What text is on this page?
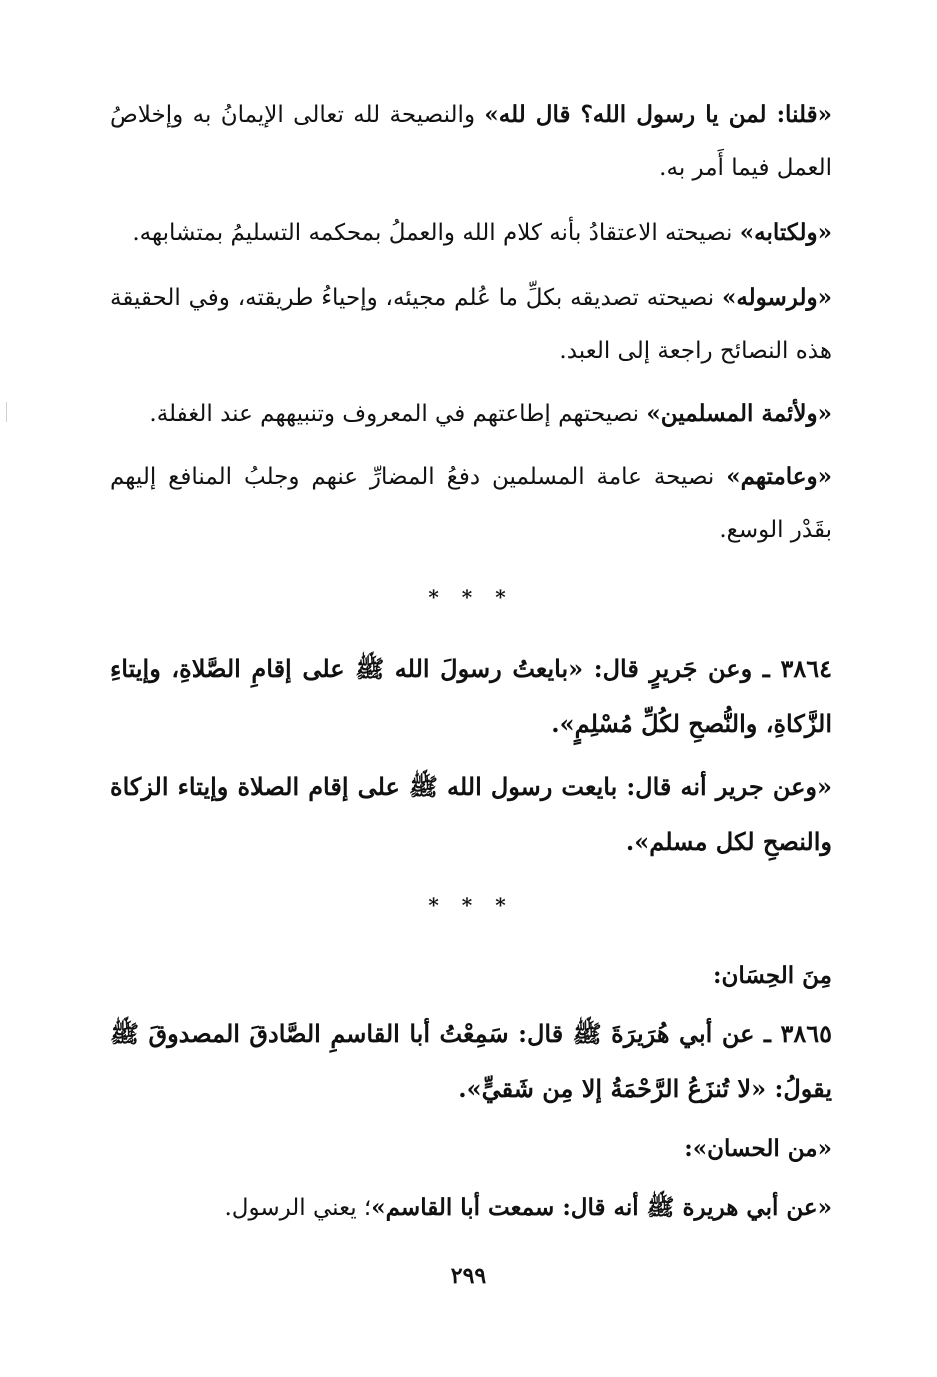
«قلنا: لمن يا رسول الله؟ قال لله» والنصيحة لله تعالى الإيمانُ به وإخلاصُ العمل فيما أَمر به.

«ولكتابه» نصيحته الاعتقادُ بأنه كلام الله والعملُ بمحكمه التسليمُ بمتشابهه.

«ولرسوله» نصيحته تصديقه بكلِّ ما عُلم مجيئه، وإحياءُ طريقته، وفي الحقيقة هذه النصائح راجعة إلى العبد.

«ولأئمة المسلمين» نصيحتهم إطاعتهم في المعروف وتنبيههم عند الغفلة.

«وعامتهم» نصيحة عامة المسلمين دفعُ المضارِّ عنهم وجلبُ المنافع إليهم بقَدْر الوسع.

* * *

٣٨٦٤ ـ وعن جَريرٍ قال: «بايعتُ رسولَ الله ﷺ على إقامِ الصَّلاةِ، وإيتاءِ الزَّكاةِ، والنُّصحِ لكُلِّ مُسْلِمٍ».

«وعن جرير أنه قال: بايعت رسول الله ﷺ على إقام الصلاة وإيتاء الزكاة والنصحِ لكل مسلم».

* * *

مِنَ الحِسَان:

٣٨٦٥ ـ عن أبي هُرَيرَةَ ﷺ قال: سَمِعْتُ أبا القاسمِ الصَّادقَ المصدوقَ ﷺ يقولُ: «لا تُنزَعُ الرَّحْمَةُ إلا مِن شَقيٍّ».

«من الحسان»:

«عن أبي هريرة ﷺ أنه قال: سمعت أبا القاسم»؛ يعني الرسول.

٢٩٩
